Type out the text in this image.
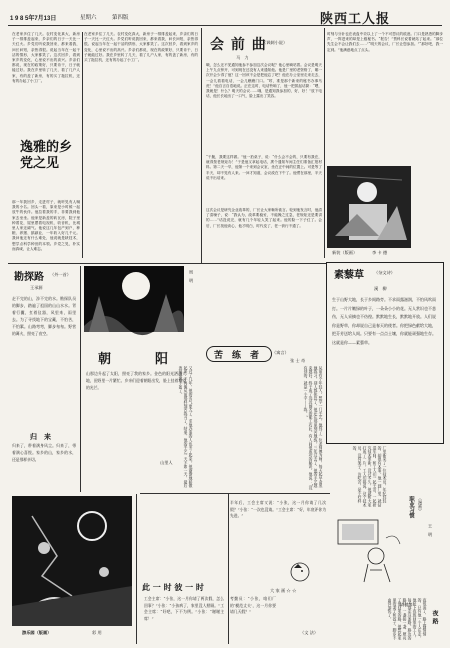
1 9 8 5年7月13日	星期六	第四版	陕西工人报
在老家多住了几天。农村变化真大，新房子一排排盖起来，乡亲们的日子一天比一天红火。乡党们听说我回来，都来看我，问长问短，亲热得很。说起当年在一起干活的情形，大家都笑了。这次回乡，看到家乡的变化，心里说不出的高兴。乡亲们都说，现在的政策好，只要肯干，日子就能过好。我在乡里转了几天，看了几户人家，有的盖了新房，有的买了拖拉机，还有的办起了小工厂。
逸雅的乡党之见
那一年我回乡，走进村子，就听见有人喊我的小名。回头一看，原来是小时候一起放牛的伙伴。他拉着我的手，非要我到他家去坐坐。他家是新盖的砖瓦房，院子里种着花，屋里摆着电视机、收音机，比城里人家还阔气。他说这几年包产到户，种粮、养猪、搞副业，一年收入好几千元。我问他还有什么难处，他说就是缺技术，想学点科学种田的本领。乡党之见，朴实而真诚，让人难忘。
在老家多住了几天。农村变化真大，新房子一排排盖起来，乡亲们的日子一天比一天红火。乡党们听说我回来，都来看我，问长问短，亲热得很。说起当年在一起干活的情形，大家都笑了。这次回乡，看到家乡的变化，心里说不出的高兴。乡亲们都说，现在的政策好，只要肯干，日子就能过好。我在乡里转了几天，看了几户人家，有的盖了新房，有的买了拖拉机，还有的办起了小工厂。
会 前 曲
（讽刺小说）
马　力
哦，怎么还不见通知他参不参加这次会议呢？他心里嘀咕着。会议是明天上午九点钟开，可到现在还没有人来通知他。他是厂里的老资格了，哪一次开会少得了他？这一回该不会是把他忘了吧？他在办公室里走来走去，一会儿看看电话，一会儿瞧瞧门口。“哼，准是那个新来的秘书办事马虎！”他自言自语地说。正在这时，电话铃响了，他一把抓起话筒：“喂，我就是！什么？明天的会议……哦，是通知我参加的，好，好！”放下电话，他长长地出了一口气，脸上露出了笑容。
“干脆，我要这样做。”他一拍桌子，说：“什么会不会的，只要有我在，就得按老规矩办！”于是他又拿起电话，挨个通知车间主任们准备汇报材料。第二天一早，他第一个来到会议室，坐在正中间的位置上。可是等了半天，却不见有人来。一问才知道，会议改在下午了。他愣在那里，半天说不出话来。
这次会议是研究企业改革的，厂长让大家畅所欲言。轮到他发言时，他清了清嗓子，说：“我认为，改革要稳妥，不能操之过急，老规矩还是要讲的……”话没说完，就有几个年轻人笑了起来。他的脸一下子红了。会后，厂长找他谈心，他才明白，时代变了，老一套行不通了。
新装（版画）	李 卡 德
时刻与分针也在表盘中央以上了一个不可思议的痕迹。门口是熟悉的脚步声，一阵进来的却是上级秘书。“报告！”贾科长说着就站了起来。“那位先生会不会让我们去……”“明天的会议，厂长让您参加。”“那好吧，我一定到。”他满意地点了点头。
素藜草 （杂文诗）
溪　柳
生于山野大地，长于乡间路旁。不求雨露滋润，不怕风吹雨打。一片片嫩绿的叶子，一朵朵小小的花。无人赏识也不悲伤，无人采摘也不彷徨。默默地生长，默默地开放。人们说你是野草，你却说自己是春天的使者。你把绿色献给大地，把芬芳送给人间。只要有一点点土壤，你就能顽强地生存。这就是你——素藜草。
勘探路 （外一首）
王承源
走不完的山，涉不完的水。勘探队员的脚步，踏遍了祖国的山山水水。背着行囊，扛着仪器，风里来，雨里去。为了寻找地下的宝藏，不怕苦，不怕累。山路弯弯，脚步匆匆。野营的篝火，照亮了夜空。
归　来
归来了，带着满身风尘。归来了，带着满心喜悦。家乡的山，家乡的水，还是那样亲切。
周　明
朝　　阳
山那边升起了太阳，照亮了我的家乡。金色的阳光洒满大地，田野里一片繁忙。乡亲们迎着朝阳出发，脸上挂着希望的光芒。
山里人
苦　练　者	（寓言）
张 士 奇
从前有个年轻人，想学一门手艺。他拜了一位老师傅为师，每天起早贪黑地练习。别人都休息了，他还在那里刻苦地练。三年过去了，他的手艺越来越好，终于成了远近闻名的能工巧匠。有人问他成功的秘诀，他说：“没有别的，就是一个字——练。”
又过了几年，他的名气更大了，求他办事的人也多了起来。他渐渐地骄傲起来，不再像从前那样刻苦练习了。结果，他的手艺一天不如一天，最后连徒弟都不如了。
厂里新来了一位技术员，年纪轻轻的，却很有本事。他一到厂里，就钻进车间，和工人们一起干活，一起研究技术革新。没过多久，他就和大家打成了一片。工人们都说，这个技术员，没有架子，肯吃苦，是个好样的。
职业习惯 （漫画）
王　明
请稍等！
此 一 时 彼 一 时
工会主席：“小张，这一月你请了两次假，怎么回事？”小张：“小孩病了，家里没人照顾。”工会主席：“好吧，下不为例。”小张：“谢谢主席！”
半年后，工会主席又说：“小张，这一月你请了几次假？”小张：“一次也没请。”工会主席：“好，年底评你为先进。”
考勤员：“小张，咱们厂的‘模范丈夫’，这一月你要请几天假？”
（文 法）
夜 路
夜很深了，路上静悄悄的，只有他一个人在走。他是下夜班回家的工人，每天都走这条路。路边的路灯，一盏接一盏，照亮了他回家的路。他想起家里的妻子和孩子，脚步不由得加快了。
大 家 画 ☆ ☆
游乐园（版画）	彩 用
